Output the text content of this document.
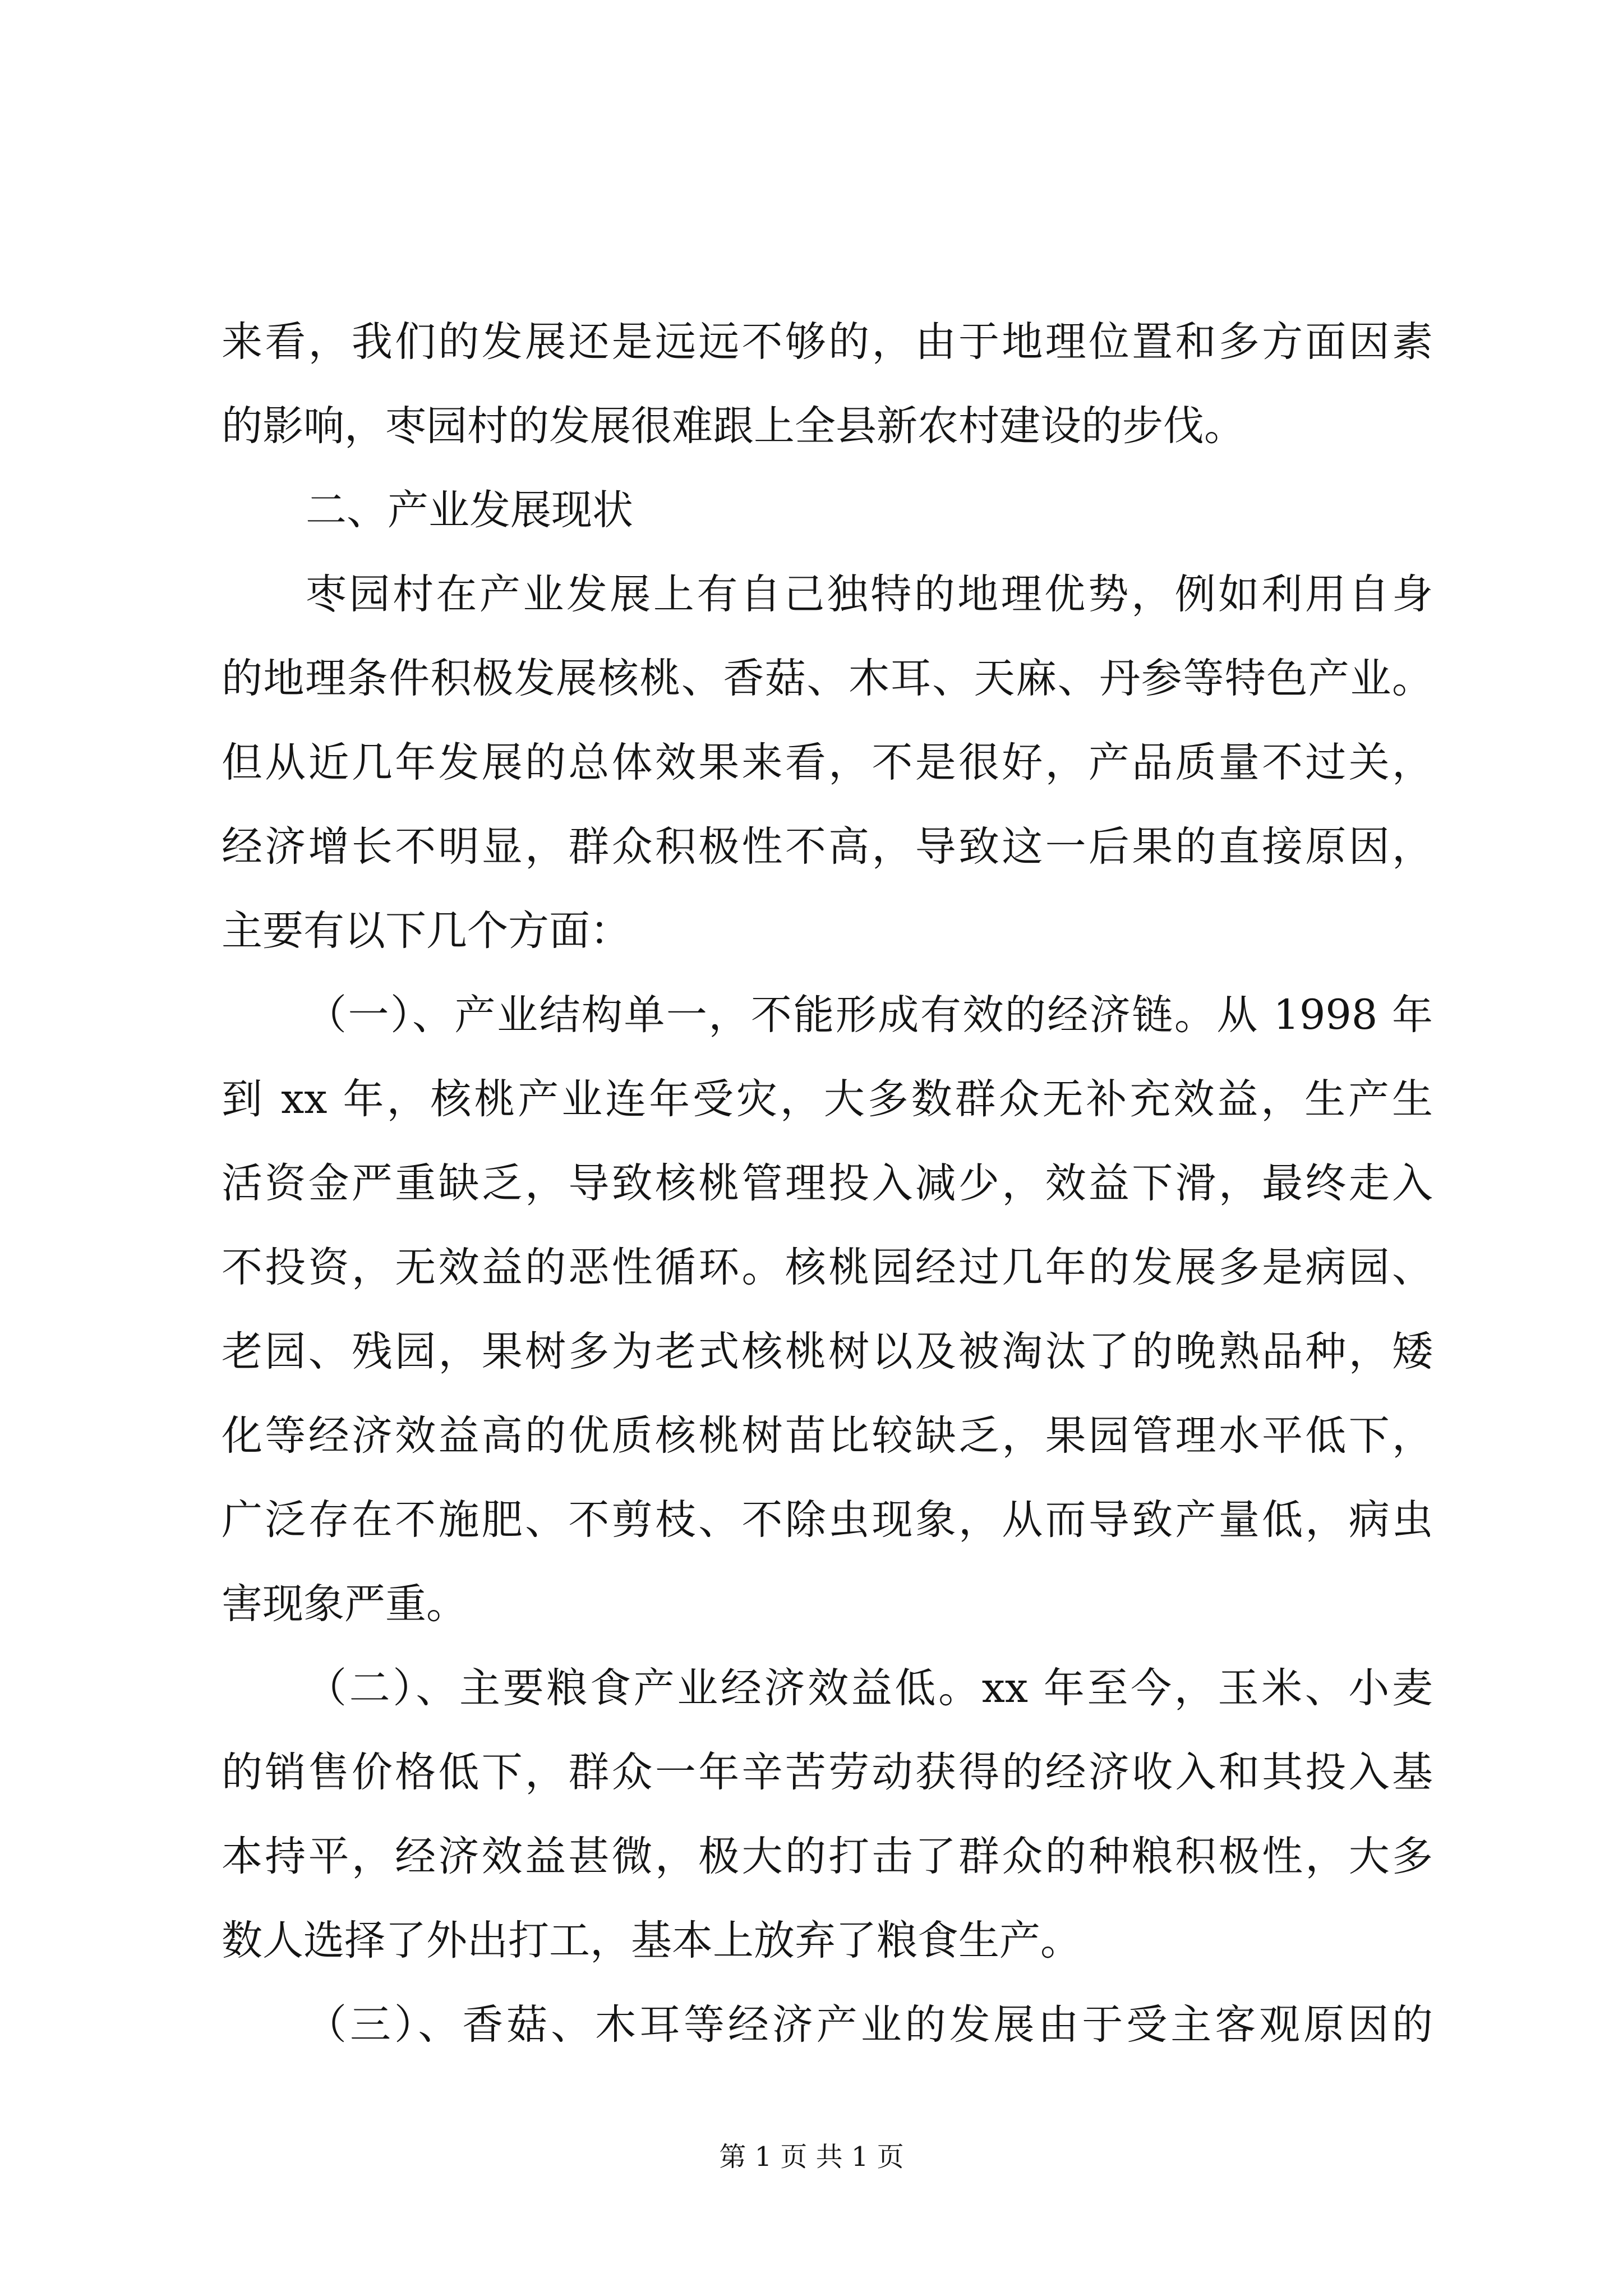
来看，我们的发展还是远远不够的，由于地理位置和多方面因素
的影响，枣园村的发展很难跟上全县新农村建设的步伐。
二、产业发展现状
枣园村在产业发展上有自己独特的地理优势，例如利用自身
的地理条件积极发展核桃、香菇、木耳、天麻、丹参等特色产业。
但从近几年发展的总体效果来看，不是很好，产品质量不过关，
经济增长不明显，群众积极性不高，导致这一后果的直接原因，
主要有以下几个方面：
（一）、产业结构单一，不能形成有效的经济链。从 1998 年
到 xx 年，核桃产业连年受灾，大多数群众无补充效益，生产生
活资金严重缺乏，导致核桃管理投入减少，效益下滑，最终走入
不投资，无效益的恶性循环。核桃园经过几年的发展多是病园、
老园、残园，果树多为老式核桃树以及被淘汰了的晚熟品种，矮
化等经济效益高的优质核桃树苗比较缺乏，果园管理水平低下，
广泛存在不施肥、不剪枝、不除虫现象，从而导致产量低，病虫
害现象严重。
（二）、主要粮食产业经济效益低。xx 年至今，玉米、小麦
的销售价格低下，群众一年辛苦劳动获得的经济收入和其投入基
本持平，经济效益甚微，极大的打击了群众的种粮积极性，大多
数人选择了外出打工，基本上放弃了粮食生产。
（三）、香菇、木耳等经济产业的发展由于受主客观原因的
第 1 页 共 1 页
